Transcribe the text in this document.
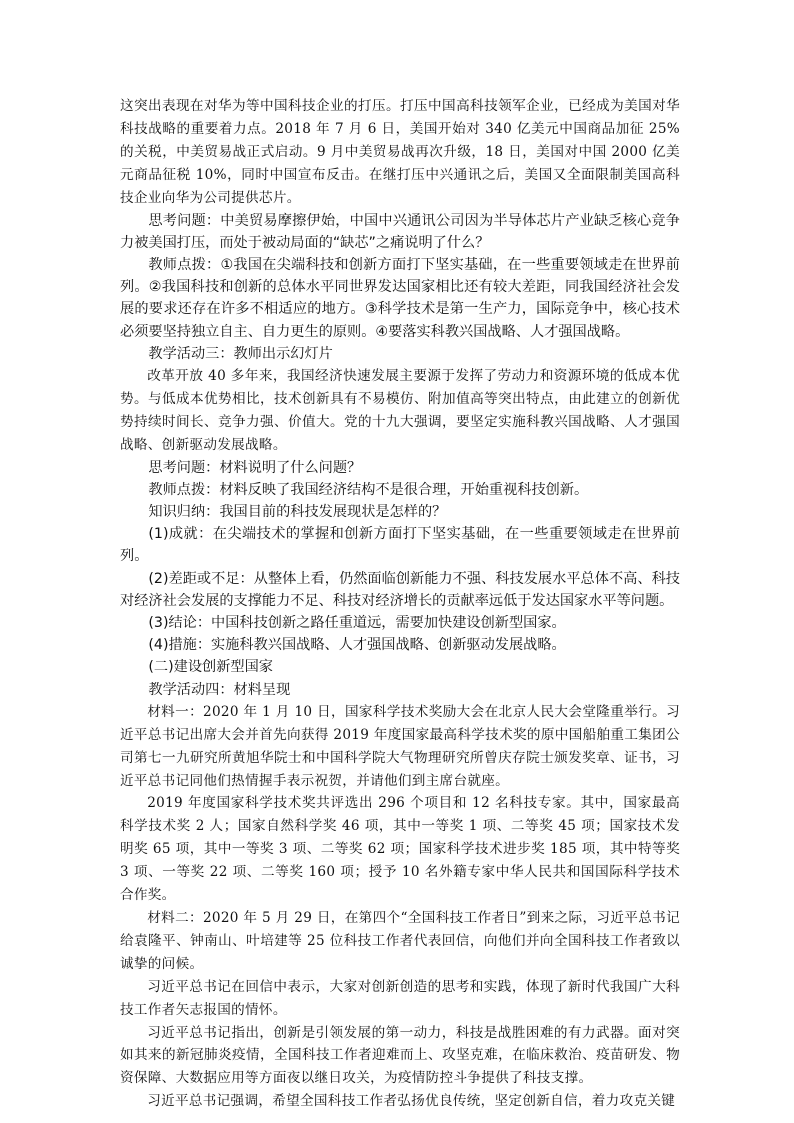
这突出表现在对华为等中国科技企业的打压。打压中国高科技领军企业，已经成为美国对华科技战略的重要着力点。2018 年 7 月 6 日，美国开始对 340 亿美元中国商品加征 25%的关税，中美贸易战正式启动。9 月中美贸易战再次升级，18 日，美国对中国 2000 亿美元商品征税 10%，同时中国宣布反击。在继打压中兴通讯之后，美国又全面限制美国高科技企业向华为公司提供芯片。

思考问题：中美贸易摩擦伊始，中国中兴通讯公司因为半导体芯片产业缺乏核心竞争力被美国打压，而处于被动局面的“缺芯”之痛说明了什么？

教师点拨：①我国在尖端科技和创新方面打下坚实基础，在一些重要领域走在世界前列。②我国科技和创新的总体水平同世界发达国家相比还有较大差距，同我国经济社会发展的要求还存在许多不相适应的地方。③科学技术是第一生产力，国际竞争中，核心技术必须要坚持独立自主、自力更生的原则。④要落实科教兴国战略、人才强国战略。

教学活动三：教师出示幻灯片

改革开放 40 多年来，我国经济快速发展主要源于发挥了劳动力和资源环境的低成本优势。与低成本优势相比，技术创新具有不易模仿、附加值高等突出特点，由此建立的创新优势持续时间长、竞争力强、价值大。党的十九大强调，要坚定实施科教兴国战略、人才强国战略、创新驱动发展战略。

思考问题：材料说明了什么问题？

教师点拨：材料反映了我国经济结构不是很合理，开始重视科技创新。

知识归纳：我国目前的科技发展现状是怎样的？

(1)成就：在尖端技术的掌握和创新方面打下坚实基础，在一些重要领域走在世界前列。

(2)差距或不足：从整体上看，仍然面临创新能力不强、科技发展水平总体不高、科技对经济社会发展的支撑能力不足、科技对经济增长的贡献率远低于发达国家水平等问题。

(3)结论：中国科技创新之路任重道远，需要加快建设创新型国家。

(4)措施：实施科教兴国战略、人才强国战略、创新驱动发展战略。

(二)建设创新型国家

教学活动四：材料呈现

材料一：2020 年 1 月 10 日，国家科学技术奖励大会在北京人民大会堂隆重举行。习近平总书记出席大会并首先向获得 2019 年度国家最高科学技术奖的原中国船舶重工集团公司第七一九研究所黄旭华院士和中国科学院大气物理研究所曾庆存院士颁发奖章、证书，习近平总书记同他们热情握手表示祝贺，并请他们到主席台就座。

2019 年度国家科学技术奖共评选出 296 个项目和 12 名科技专家。其中，国家最高科学技术奖 2 人；国家自然科学奖 46 项，其中一等奖 1 项、二等奖 45 项；国家技术发明奖 65 项，其中一等奖 3 项、二等奖 62 项；国家科学技术进步奖 185 项，其中特等奖 3 项、一等奖 22 项、二等奖 160 项；授予 10 名外籍专家中华人民共和国国际科学技术合作奖。

材料二：2020 年 5 月 29 日，在第四个“全国科技工作者日”到来之际，习近平总书记给袁隆平、钟南山、叶培建等 25 位科技工作者代表回信，向他们并向全国科技工作者致以诚挚的问候。

习近平总书记在回信中表示，大家对创新创造的思考和实践，体现了新时代我国广大科技工作者矢志报国的情怀。

习近平总书记指出，创新是引领发展的第一动力，科技是战胜困难的有力武器。面对突如其来的新冠肺炎疫情，全国科技工作者迎难而上、攻坚克难，在临床救治、疫苗研发、物资保障、大数据应用等方面夜以继日攻关，为疫情防控斗争提供了科技支撑。

习近平总书记强调，希望全国科技工作者弘扬优良传统，坚定创新自信，着力攻克关键
